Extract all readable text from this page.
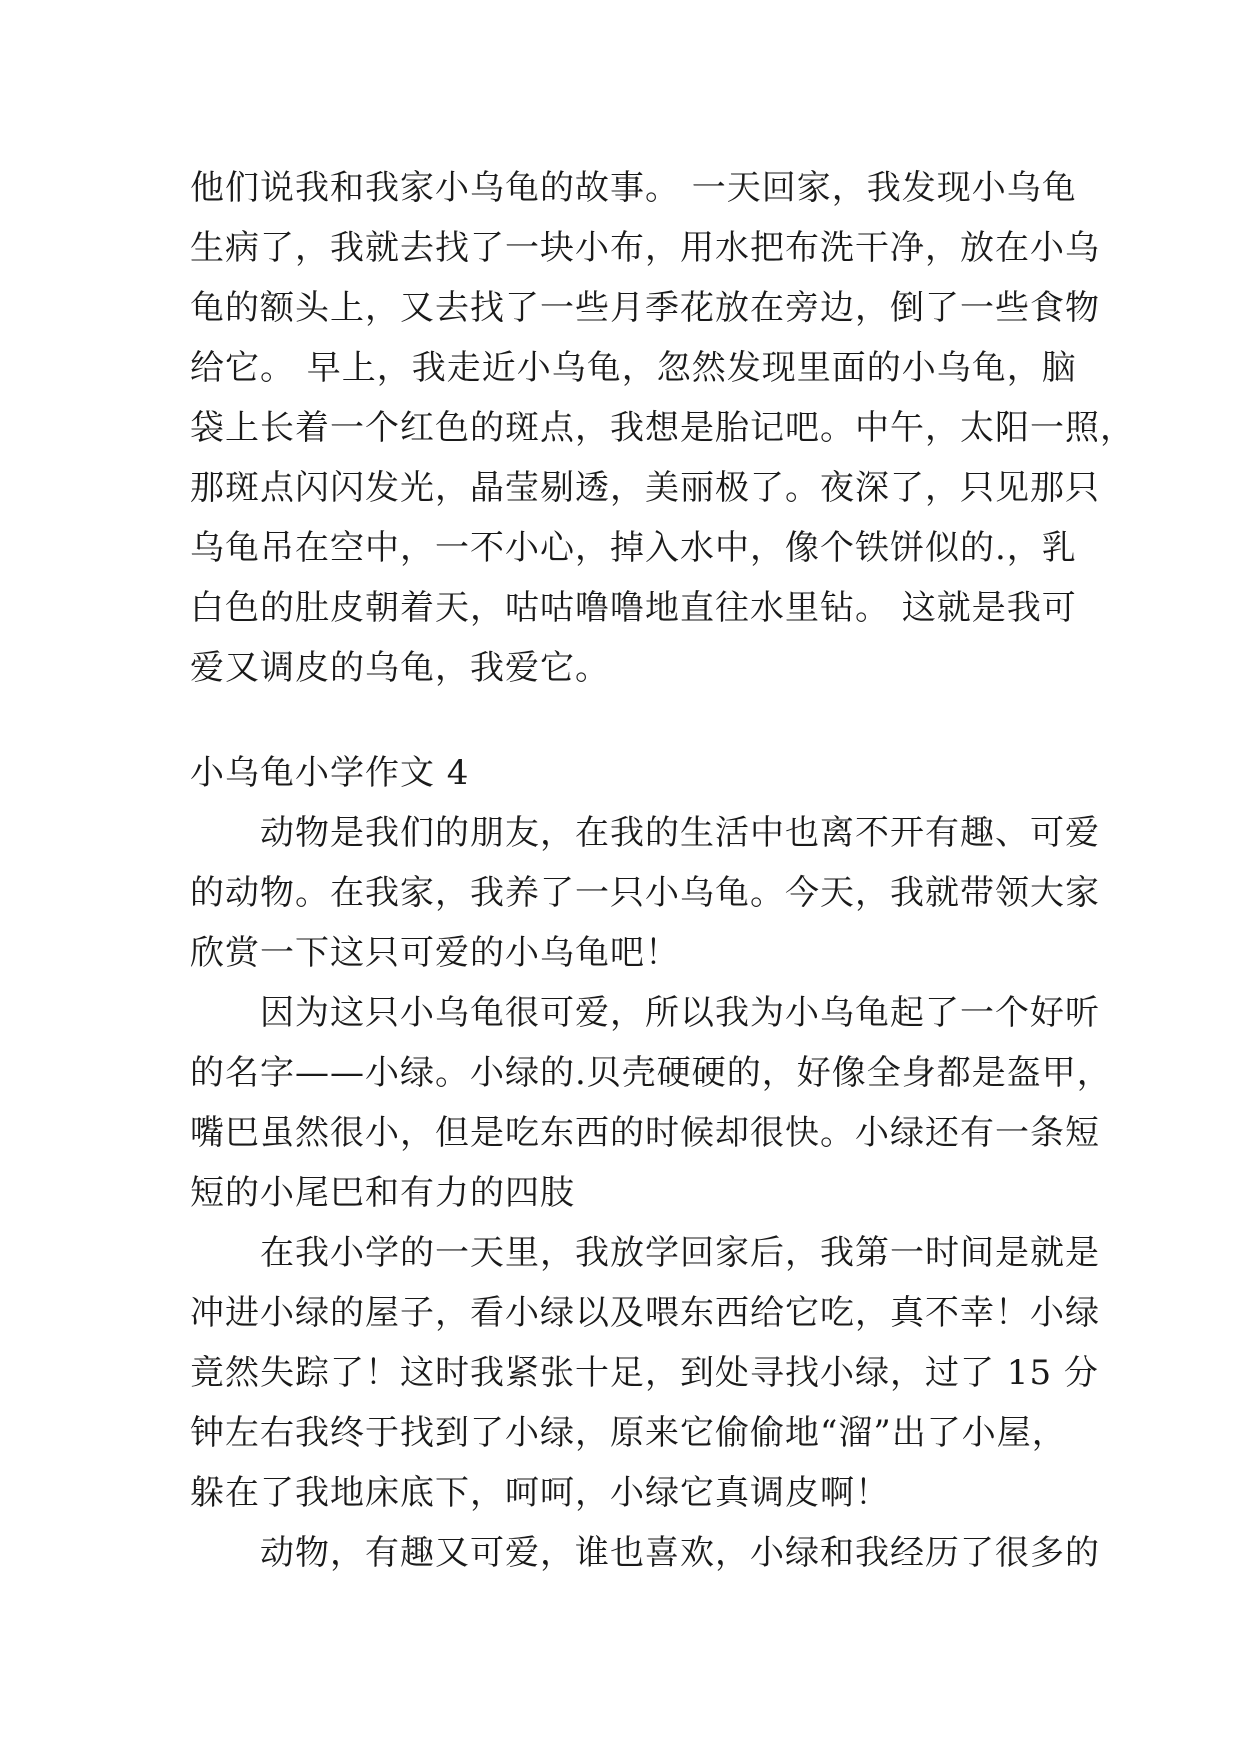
他们说我和我家小乌龟的故事。 一天回家，我发现小乌龟
生病了，我就去找了一块小布，用水把布洗干净，放在小乌
龟的额头上，又去找了一些月季花放在旁边，倒了一些食物
给它。 早上，我走近小乌龟，忽然发现里面的小乌龟，脑
袋上长着一个红色的斑点，我想是胎记吧。中午，太阳一照，
那斑点闪闪发光，晶莹剔透，美丽极了。夜深了，只见那只
乌龟吊在空中，一不小心，掉入水中，像个铁饼似的.，乳
白色的肚皮朝着天，咕咕噜噜地直往水里钻。 这就是我可
爱又调皮的乌龟，我爱它。
小乌龟小学作文 4
　　动物是我们的朋友，在我的生活中也离不开有趣、可爱
的动物。在我家，我养了一只小乌龟。今天，我就带领大家
欣赏一下这只可爱的小乌龟吧！
　　因为这只小乌龟很可爱，所以我为小乌龟起了一个好听
的名字——小绿。小绿的.贝壳硬硬的，好像全身都是盔甲，
嘴巴虽然很小，但是吃东西的时候却很快。小绿还有一条短
短的小尾巴和有力的四肢
　　在我小学的一天里，我放学回家后，我第一时间是就是
冲进小绿的屋子，看小绿以及喂东西给它吃，真不幸！小绿
竟然失踪了！这时我紧张十足，到处寻找小绿，过了 15 分
钟左右我终于找到了小绿，原来它偷偷地“溜”出了小屋，
躲在了我地床底下，呵呵，小绿它真调皮啊！
　　动物，有趣又可爱，谁也喜欢，小绿和我经历了很多的
